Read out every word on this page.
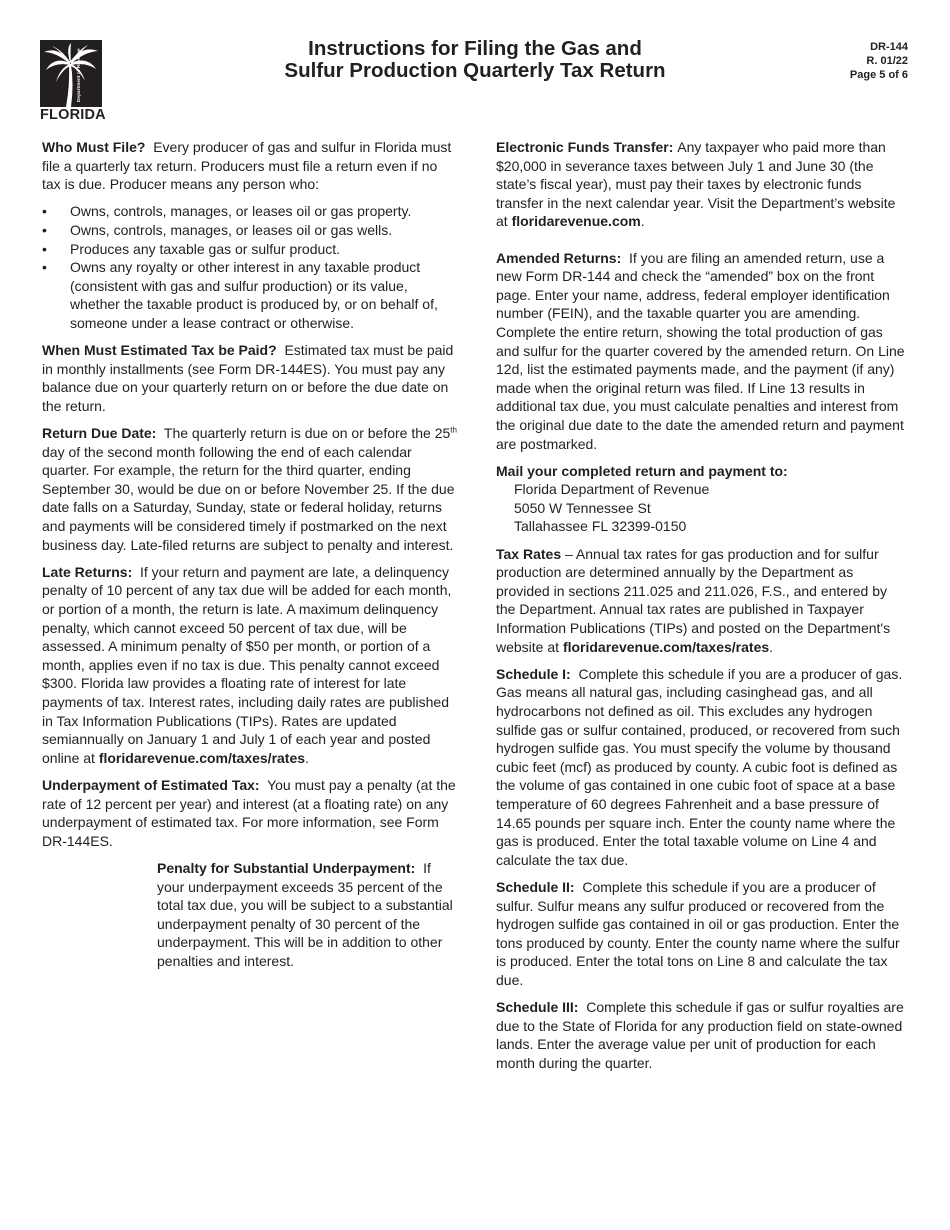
Department of Revenue
FLORIDA
Instructions for Filing the Gas and
Sulfur Production Quarterly Tax Return
DR-144
R. 01/22
Page 5 of 6

Who Must File? Every producer of gas and sulfur in Florida must file a quarterly tax return. Producers must file a return even if no tax is due. Producer means any person who:

• Owns, controls, manages, or leases oil or gas property.
• Owns, controls, manages, or leases oil or gas wells.
• Produces any taxable gas or sulfur product.
• Owns any royalty or other interest in any taxable product (consistent with gas and sulfur production) or its value, whether the taxable product is produced by, or on behalf of, someone under a lease contract or otherwise.

When Must Estimated Tax be Paid? Estimated tax must be paid in monthly installments (see Form DR-144ES). You must pay any balance due on your quarterly return on or before the due date on the return.

Return Due Date: The quarterly return is due on or before the 25th day of the second month following the end of each calendar quarter. For example, the return for the third quarter, ending September 30, would be due on or before November 25. If the due date falls on a Saturday, Sunday, state or federal holiday, returns and payments will be considered timely if postmarked on the next business day. Late-filed returns are subject to penalty and interest.

Late Returns: If your return and payment are late, a delinquency penalty of 10 percent of any tax due will be added for each month, or portion of a month, the return is late. A maximum delinquency penalty, which cannot exceed 50 percent of tax due, will be assessed. A minimum penalty of $50 per month, or portion of a month, applies even if no tax is due. This penalty cannot exceed $300. Florida law provides a floating rate of interest for late payments of tax. Interest rates, including daily rates are published in Tax Information Publications (TIPs). Rates are updated semiannually on January 1 and July 1 of each year and posted online at floridarevenue.com/taxes/rates.

Underpayment of Estimated Tax: You must pay a penalty (at the rate of 12 percent per year) and interest (at a floating rate) on any underpayment of estimated tax. For more information, see Form DR-144ES.

Penalty for Substantial Underpayment: If your underpayment exceeds 35 percent of the total tax due, you will be subject to a substantial underpayment penalty of 30 percent of the underpayment. This will be in addition to other penalties and interest.

Electronic Funds Transfer: Any taxpayer who paid more than $20,000 in severance taxes between July 1 and June 30 (the state’s fiscal year), must pay their taxes by electronic funds transfer in the next calendar year. Visit the Department’s website at floridarevenue.com.

Amended Returns: If you are filing an amended return, use a new Form DR-144 and check the “amended” box on the front page. Enter your name, address, federal employer identification number (FEIN), and the taxable quarter you are amending. Complete the entire return, showing the total production of gas and sulfur for the quarter covered by the amended return. On Line 12d, list the estimated payments made, and the payment (if any) made when the original return was filed. If Line 13 results in additional tax due, you must calculate penalties and interest from the original due date to the date the amended return and payment are postmarked.

Mail your completed return and payment to:

Florida Department of Revenue
5050 W Tennessee St
Tallahassee FL 32399-0150

Tax Rates – Annual tax rates for gas production and for sulfur production are determined annually by the Department as provided in sections 211.025 and 211.026, F.S., and entered by the Department. Annual tax rates are published in Taxpayer Information Publications (TIPs) and posted on the Department's website at floridarevenue.com/taxes/rates.

Schedule I: Complete this schedule if you are a producer of gas. Gas means all natural gas, including casinghead gas, and all hydrocarbons not defined as oil. This excludes any hydrogen sulfide gas or sulfur contained, produced, or recovered from such hydrogen sulfide gas. You must specify the volume by thousand cubic feet (mcf) as produced by county. A cubic foot is defined as the volume of gas contained in one cubic foot of space at a base temperature of 60 degrees Fahrenheit and a base pressure of 14.65 pounds per square inch. Enter the county name where the gas is produced. Enter the total taxable volume on Line 4 and calculate the tax due.

Schedule II: Complete this schedule if you are a producer of sulfur. Sulfur means any sulfur produced or recovered from the hydrogen sulfide gas contained in oil or gas production. Enter the tons produced by county. Enter the county name where the sulfur is produced. Enter the total tons on Line 8 and calculate the tax due.

Schedule III: Complete this schedule if gas or sulfur royalties are due to the State of Florida for any production field on state-owned lands. Enter the average value per unit of production for each month during the quarter.
